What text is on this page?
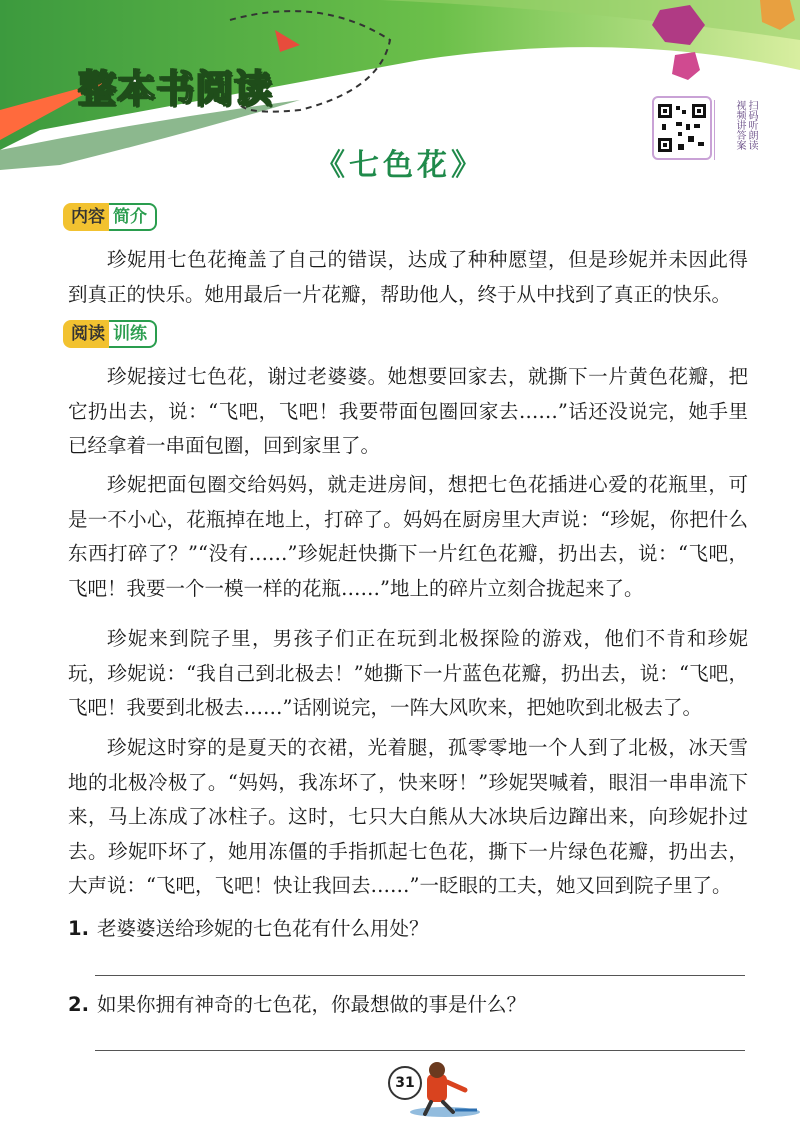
整本书阅读
扫码听朗读 视频讲答案
《七色花》
内容 简介

珍妮用七色花掩盖了自己的错误，达成了种种愿望，但是珍妮并未因此得到真正的快乐。她用最后一片花瓣，帮助他人，终于从中找到了真正的快乐。

阅读 训练

珍妮接过七色花，谢过老婆婆。她想要回家去，就撕下一片黄色花瓣，把它扔出去，说：“飞吧，飞吧！我要带面包圈回家去……”话还没说完，她手里已经拿着一串面包圈，回到家里了。

珍妮把面包圈交给妈妈，就走进房间，想把七色花插进心爱的花瓶里，可是一不小心，花瓶掉在地上，打碎了。妈妈在厨房里大声说：“珍妮，你把什么东西打碎了？”“没有……”珍妮赶快撕下一片红色花瓣，扔出去，说：“飞吧，飞吧！我要一个一模一样的花瓶……”地上的碎片立刻合拢起来了。

珍妮来到院子里，男孩子们正在玩到北极探险的游戏，他们不肯和珍妮玩，珍妮说：“我自己到北极去！”她撕下一片蓝色花瓣，扔出去，说：“飞吧，飞吧！我要到北极去……”话刚说完，一阵大风吹来，把她吹到北极去了。

珍妮这时穿的是夏天的衣裙，光着腿，孤零零地一个人到了北极，冰天雪地的北极冷极了。“妈妈，我冻坏了，快来呀！”珍妮哭喊着，眼泪一串串流下来，马上冻成了冰柱子。这时，七只大白熊从大冰块后边蹿出来，向珍妮扑过去。珍妮吓坏了，她用冻僵的手指抓起七色花，撕下一片绿色花瓣，扔出去，大声说：“飞吧，飞吧！快让我回去……”一眨眼的工夫，她又回到院子里了。

1. 老婆婆送给珍妮的七色花有什么用处？
2. 如果你拥有神奇的七色花，你最想做的事是什么？
31
